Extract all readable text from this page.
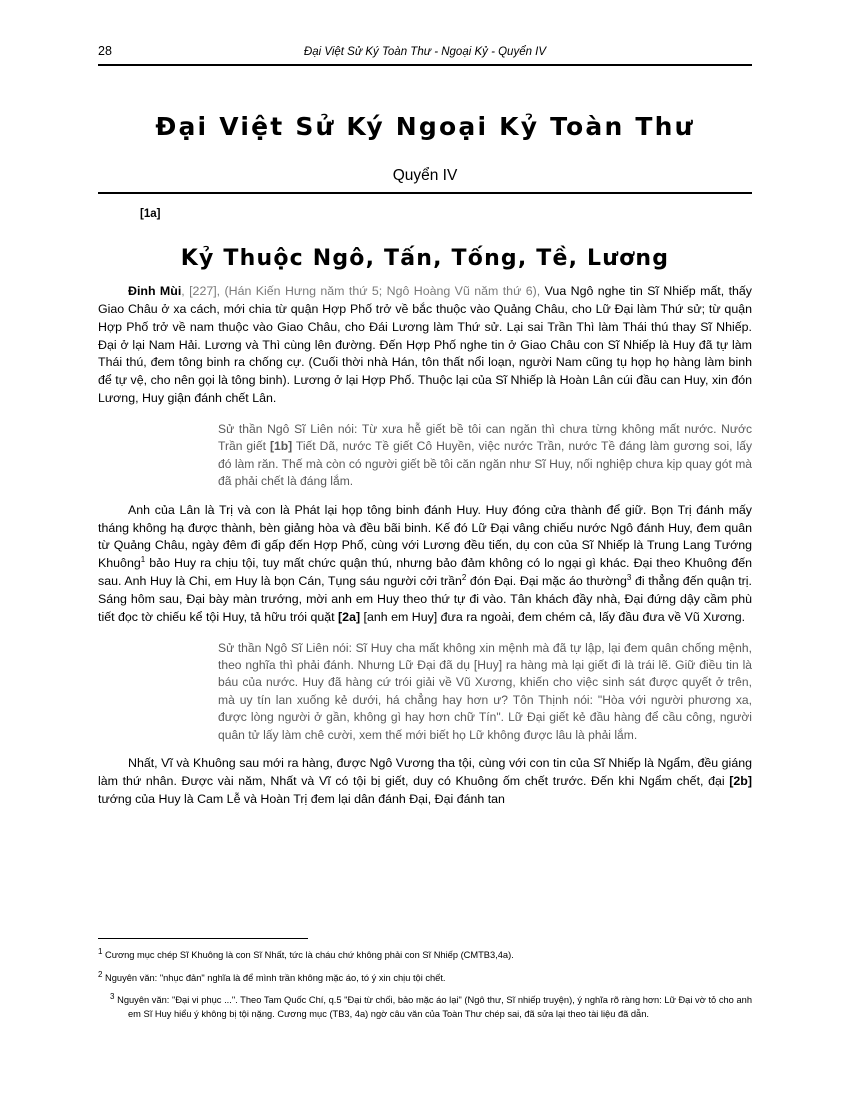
28	Đại Việt Sử Ký Toàn Thư - Ngoại Kỷ - Quyển IV
Đại Việt Sử Ký Ngoại Kỷ Toàn Thư
Quyển IV
[1a]
Kỷ Thuộc Ngô, Tấn, Tống, Tề, Lương

Đinh Mùi, [227], (Hán Kiến Hưng năm thứ 5; Ngô Hoàng Vũ năm thứ 6), Vua Ngô nghe tin Sĩ Nhiếp mất, thấy Giao Châu ở xa cách, mới chia từ quận Hợp Phố trở về bắc thuộc vào Quảng Châu, cho Lữ Đại làm Thứ sử; từ quận Hợp Phố trở về nam thuộc vào Giao Châu, cho Đái Lương làm Thứ sử. Lại sai Trần Thì làm Thái thú thay Sĩ Nhiếp. Đại ở lại Nam Hải. Lương và Thì cùng lên đường. Đến Hợp Phố nghe tin ở Giao Châu con Sĩ Nhiếp là Huy đã tự làm Thái thú, đem tông binh ra chống cự. (Cuối thời nhà Hán, tôn thất nổi loạn, người Nam cũng tụ họp họ hàng làm binh để tự vệ, cho nên gọi là tông binh). Lương ở lại Hợp Phố. Thuộc lại của Sĩ Nhiếp là Hoàn Lân cúi đầu can Huy, xin đón Lương, Huy giận đánh chết Lân.

Sử thần Ngô Sĩ Liên nói: Từ xưa hễ giết bề tôi can ngăn thì chưa từng không mất nước. Nước Trần giết [1b] Tiết Dã, nước Tề giết Cô Huyền, việc nước Trần, nước Tề đáng làm gương soi, lấy đó làm răn. Thế mà còn có người giết bề tôi căn ngăn như Sĩ Huy, nối nghiệp chưa kịp quay gót mà đã phải chết là đáng lắm.

Anh của Lân là Trị và con là Phát lại họp tông binh đánh Huy. Huy đóng cửa thành để giữ. Bọn Trị đánh mấy tháng không hạ được thành, bèn giảng hòa và đều bãi binh. Kế đó Lữ Đại vâng chiếu nước Ngô đánh Huy, đem quân từ Quảng Châu, ngày đêm đi gấp đến Hợp Phố, cùng với Lương đều tiến, dụ con của Sĩ Nhiếp là Trung Lang Tướng Khuông$^1$ bảo Huy ra chịu tội, tuy mất chức quận thú, nhưng bảo đảm không có lo ngại gì khác. Đại theo Khuông đến sau. Anh Huy là Chi, em Huy là bọn Cán, Tụng sáu người cởi trần$^2$ đón Đại. Đại mặc áo thường$^3$ đi thẳng đến quận trị. Sáng hôm sau, Đại bày màn trướng, mời anh em Huy theo thứ tự đi vào. Tân khách đầy nhà, Đại đứng dậy cầm phù tiết đọc tờ chiếu kể tội Huy, tả hữu trói quặt [2a] [anh em Huy] đưa ra ngoài, đem chém cả, lấy đầu đưa về Vũ Xương.

Sử thần Ngô Sĩ Liên nói: Sĩ Huy cha mất không xin mệnh mà đã tự lập, lại đem quân chống mệnh, theo nghĩa thì phải đánh. Nhưng Lữ Đại đã dụ [Huy] ra hàng mà lại giết đi là trái lẽ. Giữ điều tin là báu của nước. Huy đã hàng cứ trói giải về Vũ Xương, khiến cho việc sinh sát được quyết ở trên, mà uy tín lan xuống kẻ dưới, há chẳng hay hơn ư? Tôn Thịnh nói: "Hòa với người phương xa, được lòng người ở gần, không gì hay hơn chữ Tín". Lữ Đại giết kẻ đầu hàng để cầu công, người quân tử lấy làm chê cười, xem thế mới biết họ Lữ không được lâu là phải lắm.

Nhất, Vĩ và Khuông sau mới ra hàng, được Ngô Vương tha tội, cùng với con tin của Sĩ Nhiếp là Ngẩm, đều giáng làm thứ nhân. Được vài năm, Nhất và Vĩ có tội bị giết, duy có Khuông ốm chết trước. Đến khi Ngẩm chết, đại [2b] tướng của Huy là Cam Lễ và Hoàn Trị đem lại dân đánh Đại, Đại đánh tan

$^1$ Cương mục chép Sĩ Khuông là con Sĩ Nhất, tức là cháu chứ không phải con Sĩ Nhiếp (CMTB3,4a).

$^2$ Nguyên văn: "nhục đản" nghĩa là để mình trần không mặc áo, tó ý xin chịu tội chết.

$^3$ Nguyên văn: "Đại vi phục ...". Theo Tam Quốc Chí, q.5 "Đại từ chối, bảo mặc áo lại" (Ngô thư, Sĩ nhiếp truyện), ý nghĩa rõ ràng hơn: Lữ Đại vờ tỏ cho anh em Sĩ Huy hiểu ý không bị tội nặng. Cương mục (TB3, 4a) ngờ câu văn của Toàn Thư chép sai, đã sửa lại theo tài liệu đã dẫn.
